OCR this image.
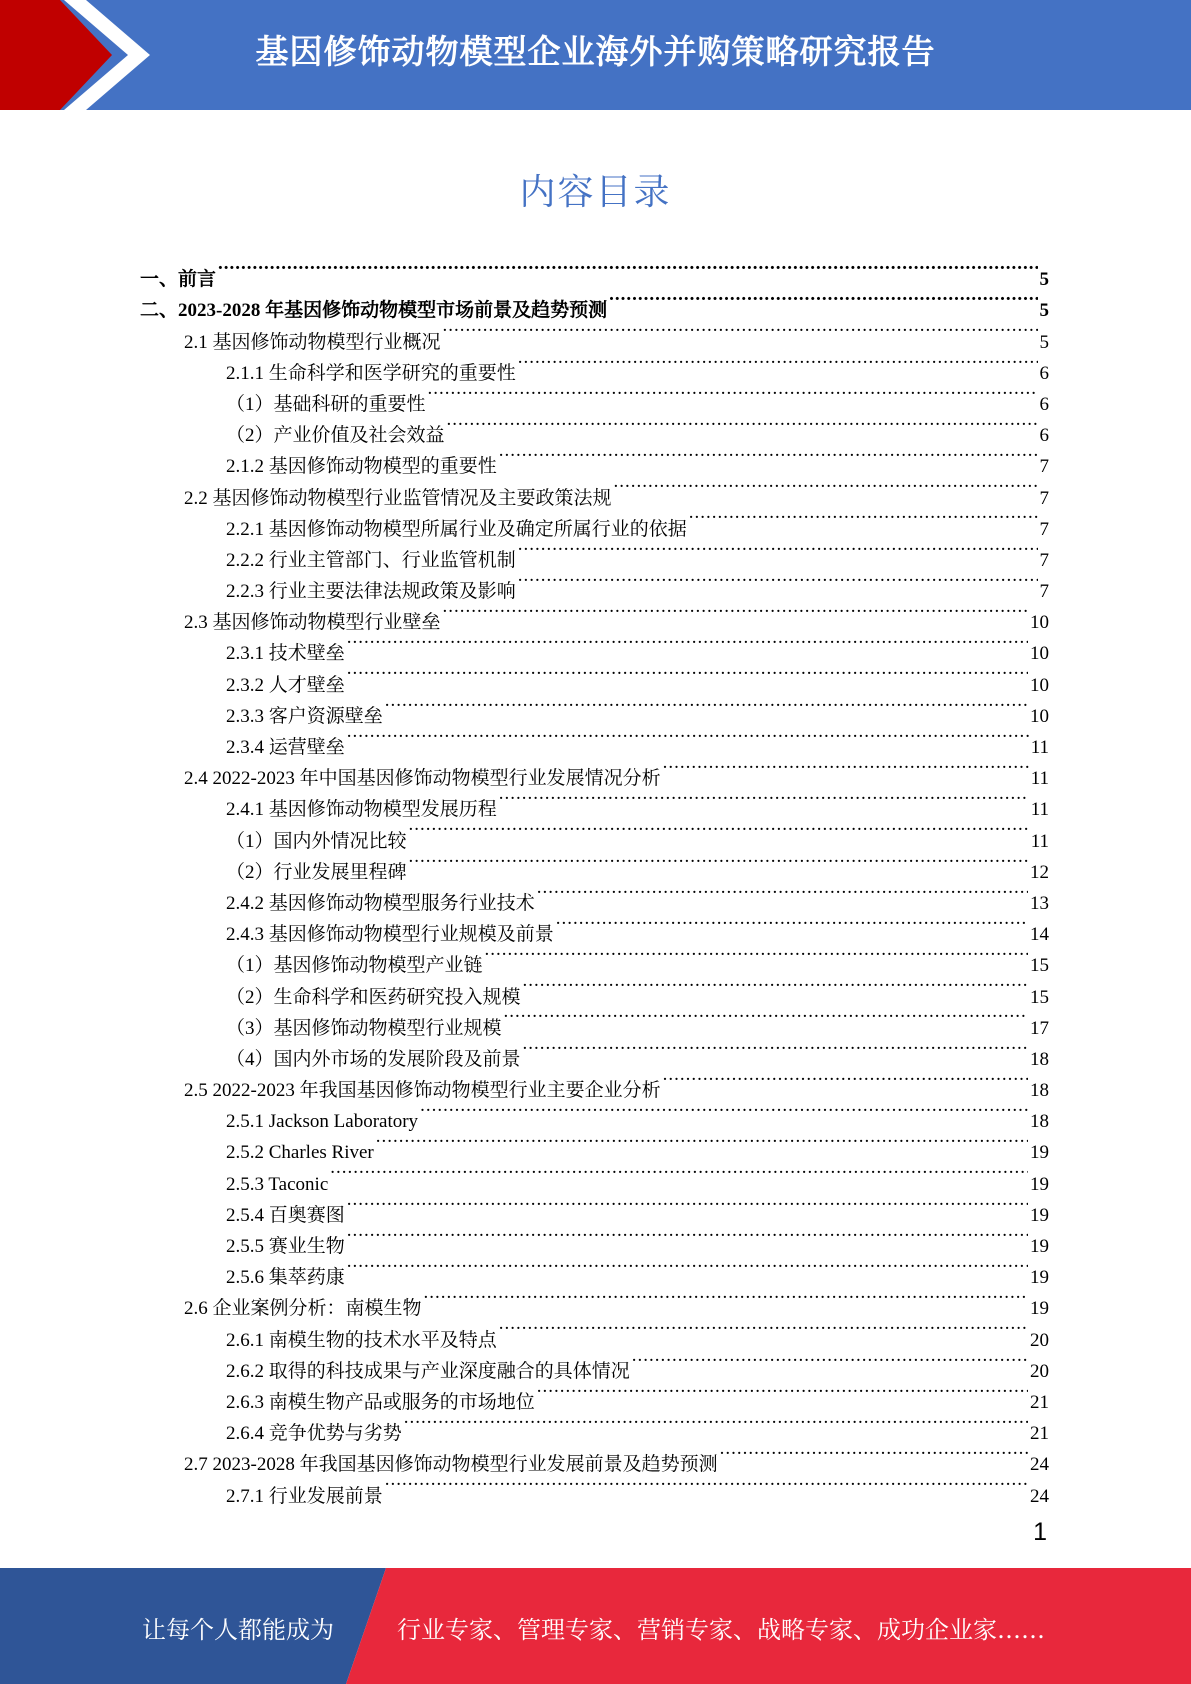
基因修饰动物模型企业海外并购策略研究报告
内容目录
一、前言 .....	5
二、2023-2028 年基因修饰动物模型市场前景及趋势预测 .....	5
2.1 基因修饰动物模型行业概况 .....	5
2.1.1 生命科学和医学研究的重要性 .....	6
（1）基础科研的重要性 .....	6
（2）产业价值及社会效益 .....	6
2.1.2 基因修饰动物模型的重要性 .....	7
2.2 基因修饰动物模型行业监管情况及主要政策法规 .....	7
2.2.1 基因修饰动物模型所属行业及确定所属行业的依据 .....	7
2.2.2 行业主管部门、行业监管机制 .....	7
2.2.3 行业主要法律法规政策及影响 .....	7
2.3 基因修饰动物模型行业壁垒 .....	10
2.3.1 技术壁垒 .....	10
2.3.2 人才壁垒 .....	10
2.3.3 客户资源壁垒 .....	10
2.3.4 运营壁垒 .....	11
2.4 2022-2023 年中国基因修饰动物模型行业发展情况分析 .....	11
2.4.1 基因修饰动物模型发展历程 .....	11
（1）国内外情况比较 .....	11
（2）行业发展里程碑 .....	12
2.4.2 基因修饰动物模型服务行业技术 .....	13
2.4.3 基因修饰动物模型行业规模及前景 .....	14
（1）基因修饰动物模型产业链 .....	15
（2）生命科学和医药研究投入规模 .....	15
（3）基因修饰动物模型行业规模 .....	17
（4）国内外市场的发展阶段及前景 .....	18
2.5 2022-2023 年我国基因修饰动物模型行业主要企业分析 .....	18
2.5.1 Jackson Laboratory .....	18
2.5.2 Charles River .....	19
2.5.3 Taconic .....	19
2.5.4 百奥赛图 .....	19
2.5.5 赛业生物 .....	19
2.5.6 集萃药康 .....	19
2.6 企业案例分析：南模生物 .....	19
2.6.1 南模生物的技术水平及特点 .....	20
2.6.2 取得的科技成果与产业深度融合的具体情况 .....	20
2.6.3 南模生物产品或服务的市场地位 .....	21
2.6.4 竞争优势与劣势 .....	21
2.7 2023-2028 年我国基因修饰动物模型行业发展前景及趋势预测 .....	24
2.7.1 行业发展前景 .....	24
1
让每个人都能成为	行业专家、管理专家、营销专家、战略专家、成功企业家……
